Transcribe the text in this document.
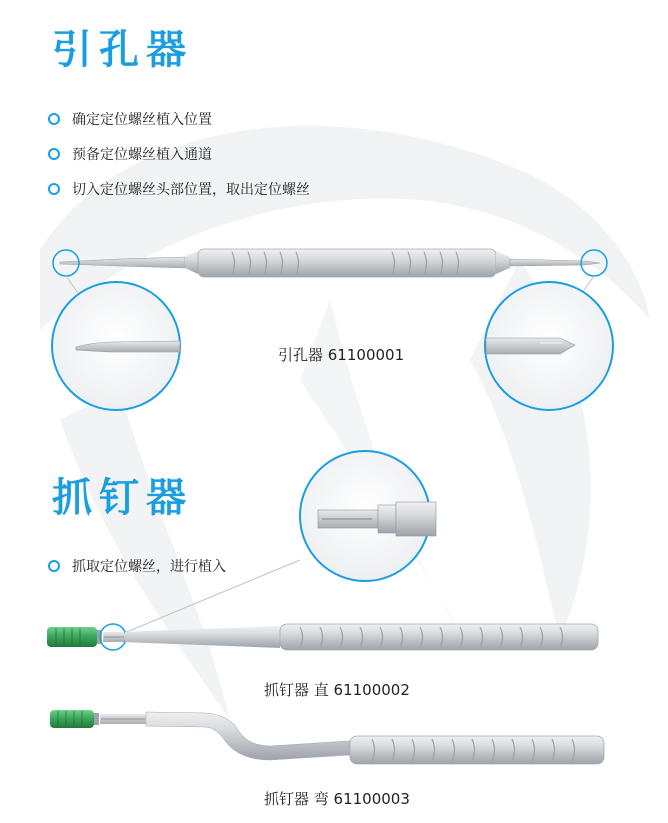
引孔器
确定定位螺丝植入位置
预备定位螺丝植入通道
切入定位螺丝头部位置，取出定位螺丝
引孔器 61100001
抓钉器
抓取定位螺丝，进行植入
抓钉器 直 61100002
抓钉器 弯 61100003
